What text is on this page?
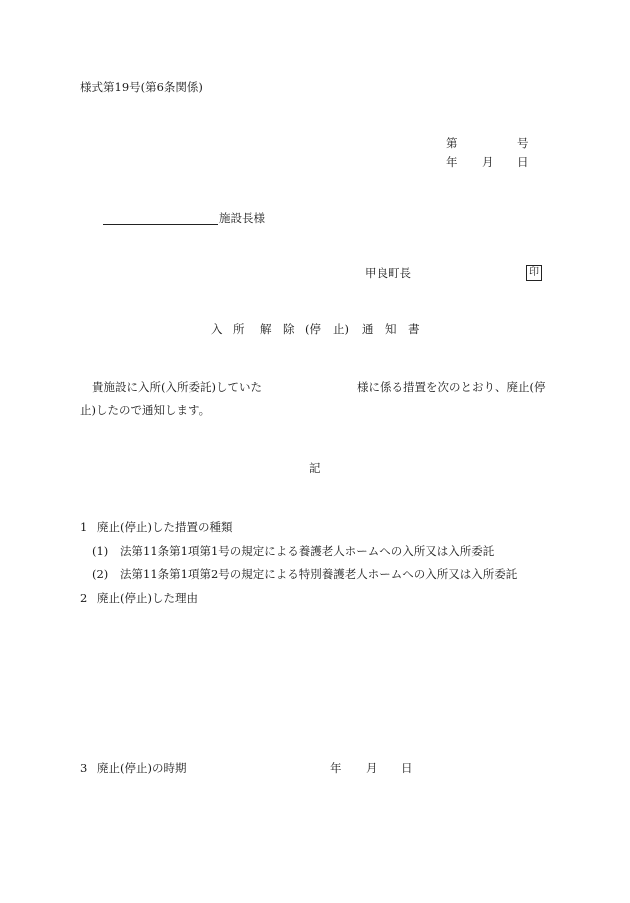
様式第19号(第6条関係)
第	号
年 月 日
施設長様
甲良町長	印
入 所 解 除 (停 止) 通 知 書
貴施設に入所(入所委託)していた	様に係る措置を次のとおり、廃止(停
止)したので通知します。
記
1 廃止(停止)した措置の種類
(1) 法第11条第1項第1号の規定による養護老人ホームへの入所又は入所委託
(2) 法第11条第1項第2号の規定による特別養護老人ホームへの入所又は入所委託
2 廃止(停止)した理由
3 廃止(停止)の時期	年 月 日
